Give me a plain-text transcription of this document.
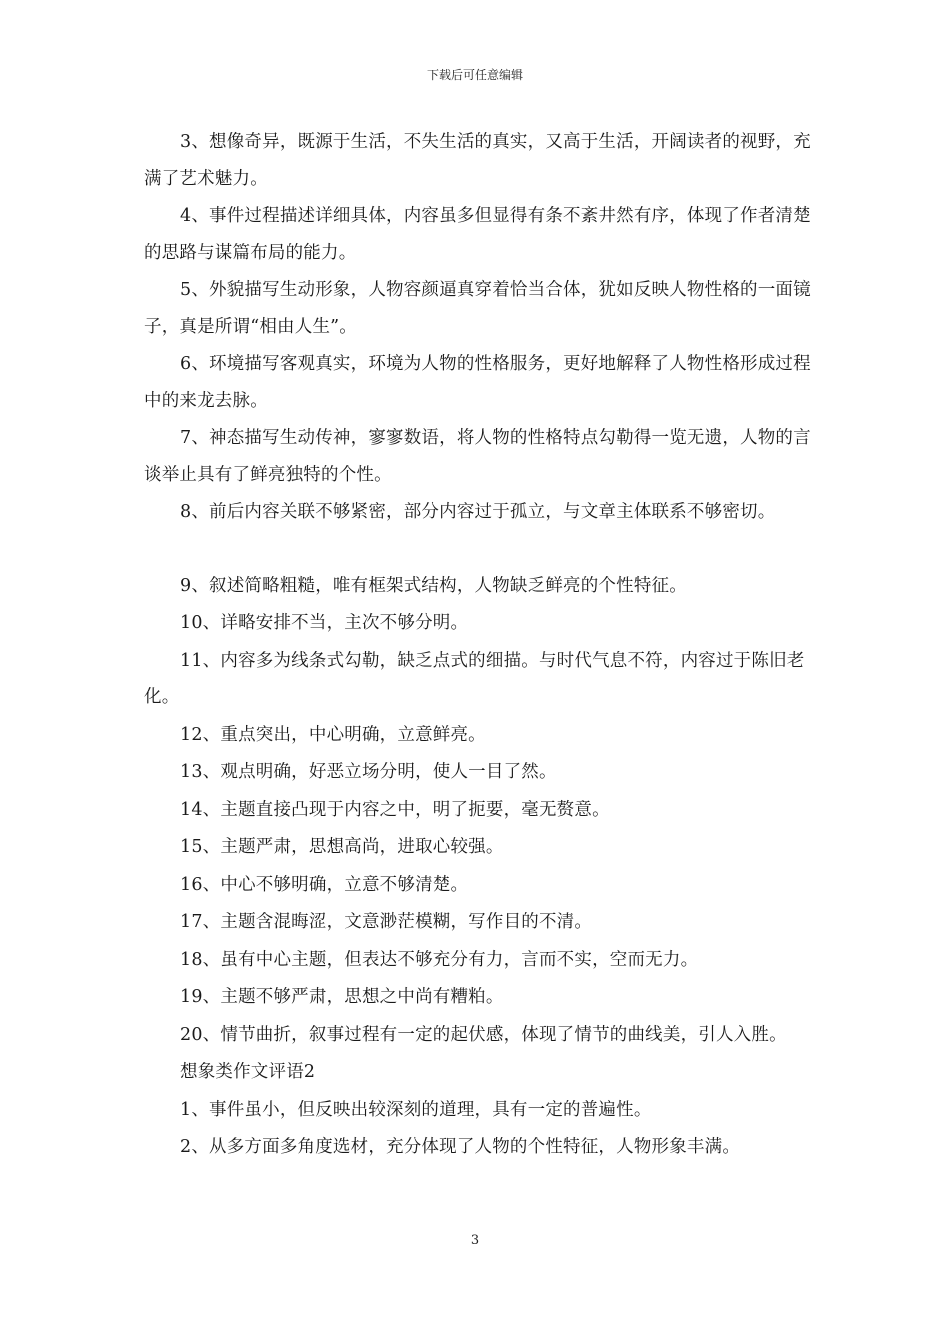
下载后可任意编辑

3、想像奇异，既源于生活，不失生活的真实，又高于生活，开阔读者的视野，充满了艺术魅力。

4、事件过程描述详细具体，内容虽多但显得有条不紊井然有序，体现了作者清楚的思路与谋篇布局的能力。

5、外貌描写生动形象，人物容颜逼真穿着恰当合体，犹如反映人物性格的一面镜子，真是所谓“相由人生”。

6、环境描写客观真实，环境为人物的性格服务，更好地解释了人物性格形成过程中的来龙去脉。

7、神态描写生动传神，寥寥数语，将人物的性格特点勾勒得一览无遗，人物的言谈举止具有了鲜亮独特的个性。

8、前后内容关联不够紧密，部分内容过于孤立，与文章主体联系不够密切。

9、叙述简略粗糙，唯有框架式结构，人物缺乏鲜亮的个性特征。

10、详略安排不当，主次不够分明。

11、内容多为线条式勾勒，缺乏点式的细描。与时代气息不符，内容过于陈旧老化。

12、重点突出，中心明确，立意鲜亮。

13、观点明确，好恶立场分明，使人一目了然。

14、主题直接凸现于内容之中，明了扼要，毫无赘意。

15、主题严肃，思想高尚，进取心较强。

16、中心不够明确，立意不够清楚。

17、主题含混晦涩，文意渺茫模糊，写作目的不清。

18、虽有中心主题，但表达不够充分有力，言而不实，空而无力。

19、主题不够严肃，思想之中尚有糟粕。

20、情节曲折，叙事过程有一定的起伏感，体现了情节的曲线美，引人入胜。

想象类作文评语2

1、事件虽小，但反映出较深刻的道理，具有一定的普遍性。

2、从多方面多角度选材，充分体现了人物的个性特征，人物形象丰满。

3
